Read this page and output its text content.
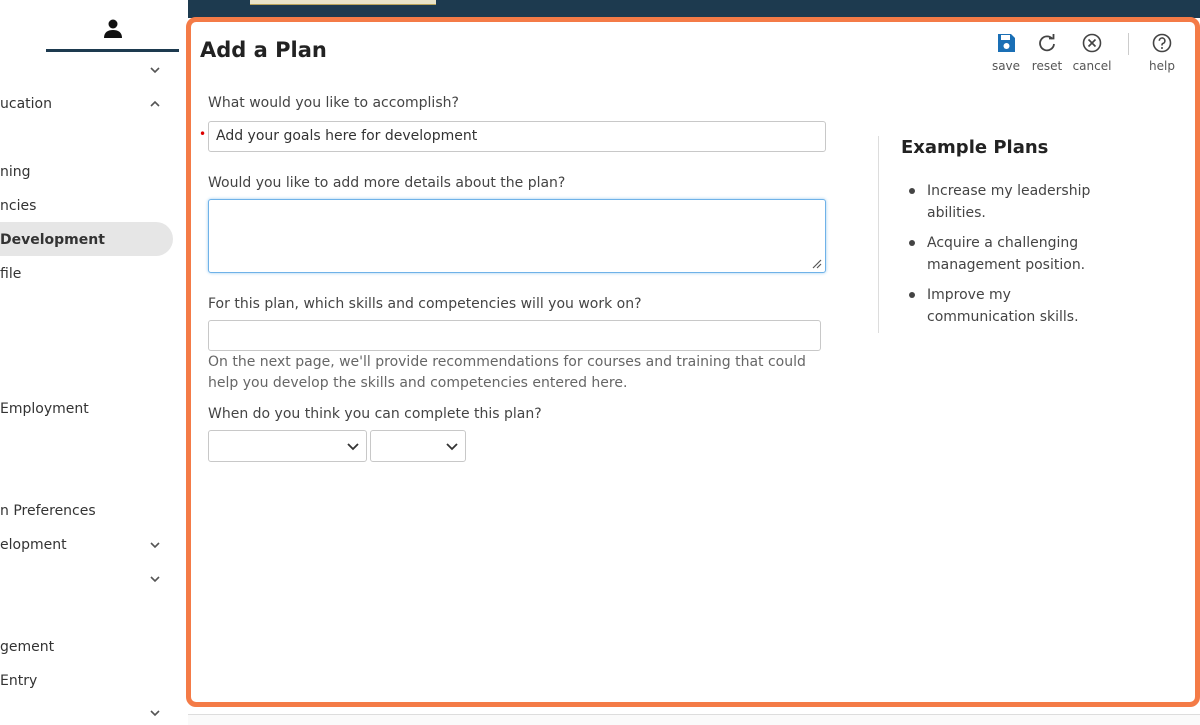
ucation
ning
ncies
Development
file
Employment
n Preferences
elopment
gement
Entry
Add a Plan
save reset cancel	help
What would you like to accomplish?
• Add your goals here for development
Would you like to add more details about the plan?
For this plan, which skills and competencies will you work on?

On the next page, we'll provide recommendations for courses and training that could help you develop the skills and competencies entered here.

When do you think you can complete this plan?
Example Plans
Increase my leadership abilities.
Acquire a challenging management position.
Improve my communication skills.
